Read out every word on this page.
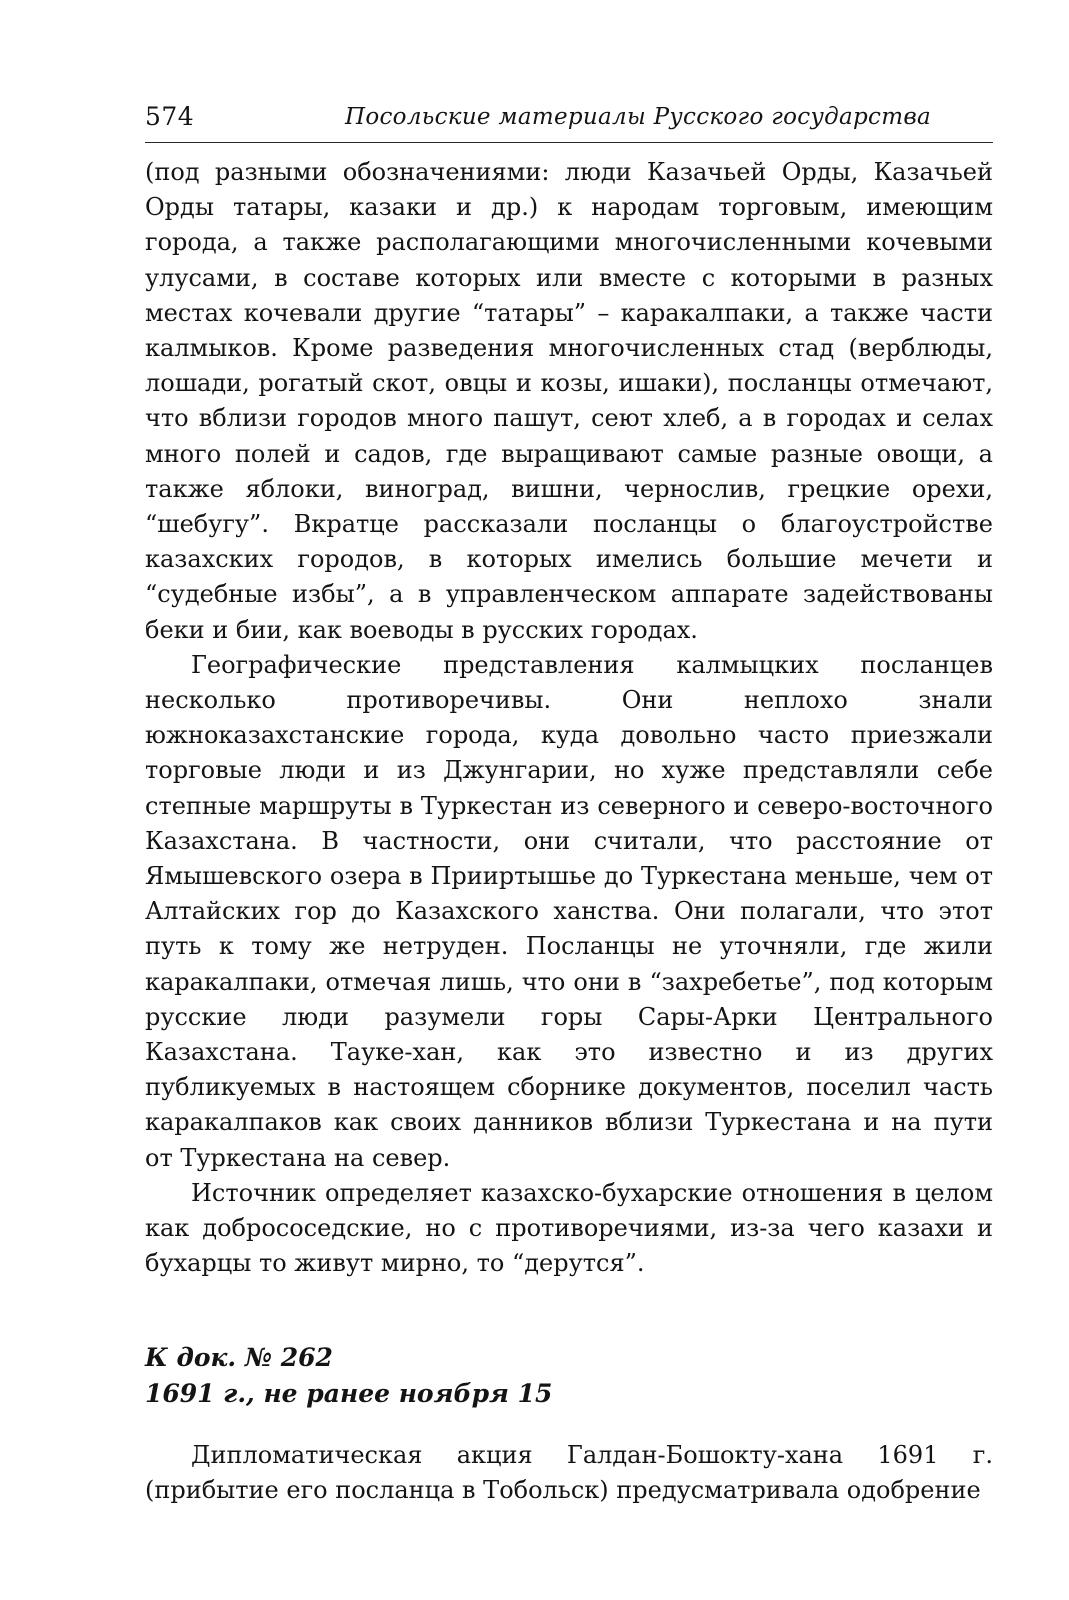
574	Посольские материалы Русского государства

(под разными обозначениями: люди Казачьей Орды, Казачьей Орды татары, казаки и др.) к народам торговым, имеющим города, а также располагающими многочисленными кочевыми улусами, в составе которых или вместе с которыми в разных местах кочевали другие “татары” – каракалпаки, а также части калмыков. Кроме разведения многочисленных стад (верблюды, лошади, рогатый скот, овцы и козы, ишаки), посланцы отмечают, что вблизи городов много пашут, сеют хлеб, а в городах и селах много полей и садов, где выращивают самые разные овощи, а также яблоки, виноград, вишни, чернослив, грецкие орехи, “шебугу”. Вкратце рассказали посланцы о благоустройстве казахских городов, в которых имелись большие мечети и “судебные избы”, а в управленческом аппарате задействованы беки и бии, как воеводы в русских городах.

Географические представления калмыцких посланцев несколько противоречивы. Они неплохо знали южноказахстанские города, куда довольно часто приезжали торговые люди и из Джунгарии, но хуже представляли себе степные маршруты в Туркестан из северного и северо-восточного Казахстана. В частности, они считали, что расстояние от Ямышевского озера в Прииртышье до Туркестана меньше, чем от Алтайских гор до Казахского ханства. Они полагали, что этот путь к тому же нетруден. Посланцы не уточняли, где жили каракалпаки, отмечая лишь, что они в “захребетье”, под которым русские люди разумели горы Сары-Арки Центрального Казахстана. Тауке-хан, как это известно и из других публикуемых в настоящем сборнике документов, поселил часть каракалпаков как своих данников вблизи Туркестана и на пути от Туркестана на север.

Источник определяет казахско-бухарские отношения в целом как добрососедские, но с противоречиями, из-за чего казахи и бухарцы то живут мирно, то “дерутся”.

К док. № 262
1691 г., не ранее ноября 15

Дипломатическая акция Галдан-Бошокту-хана 1691 г. (прибытие его посланца в Тобольск) предусматривала одобрение
